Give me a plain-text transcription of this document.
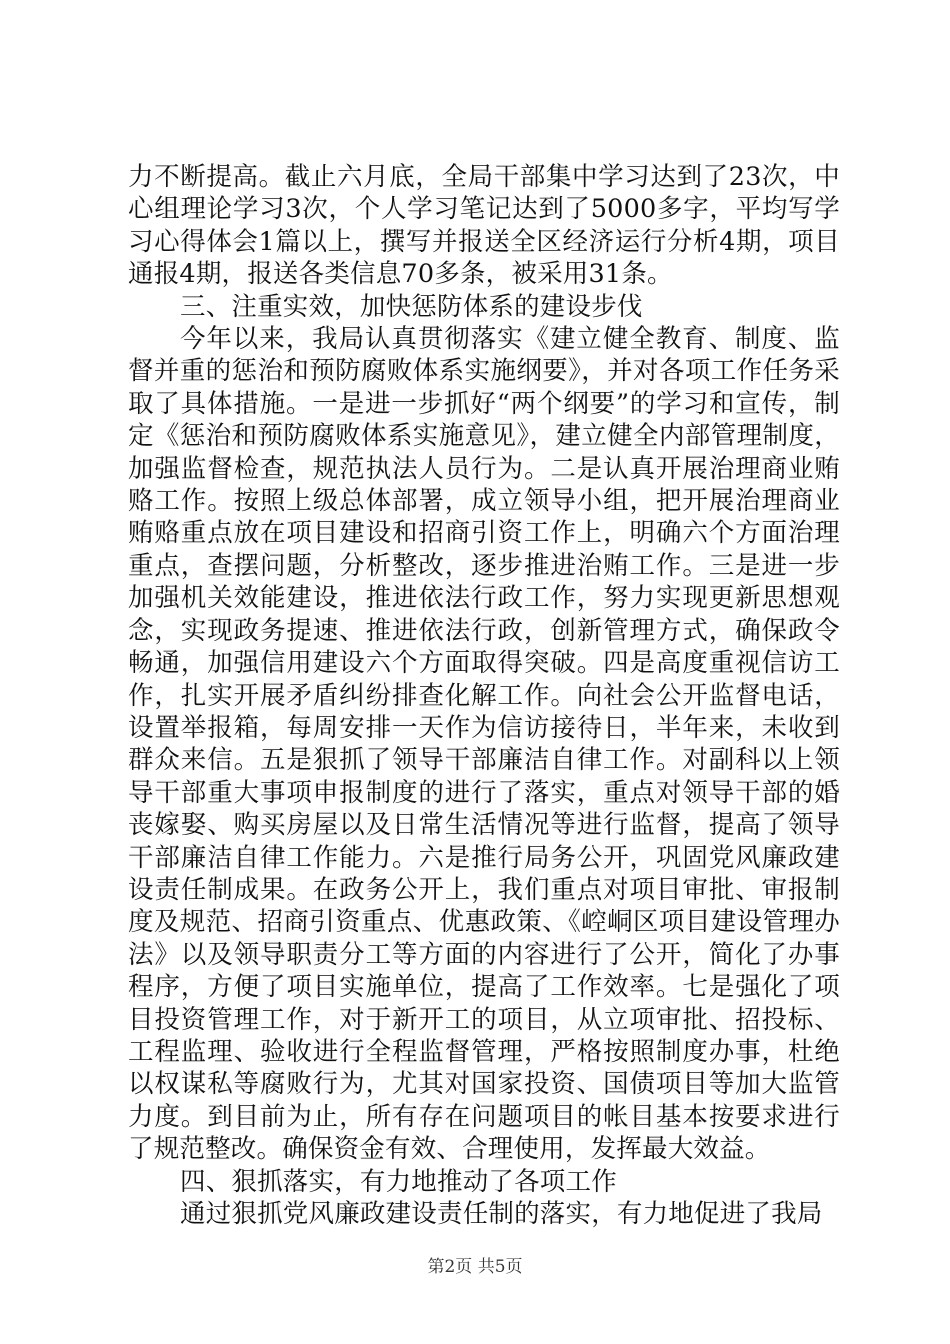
力不断提高。截止六月底，全局干部集中学习达到了23次，中心组理论学习3次，个人学习笔记达到了5000多字，平均写学习心得体会1篇以上，撰写并报送全区经济运行分析4期，项目通报4期，报送各类信息70多条，被采用31条。

三、注重实效，加快惩防体系的建设步伐

今年以来，我局认真贯彻落实《建立健全教育、制度、监督并重的惩治和预防腐败体系实施纲要》，并对各项工作任务采取了具体措施。一是进一步抓好“两个纲要”的学习和宣传，制定《惩治和预防腐败体系实施意见》，建立健全内部管理制度，加强监督检查，规范执法人员行为。二是认真开展治理商业贿赂工作。按照上级总体部署，成立领导小组，把开展治理商业贿赂重点放在项目建设和招商引资工作上，明确六个方面治理重点，查摆问题，分析整改，逐步推进治贿工作。三是进一步加强机关效能建设，推进依法行政工作，努力实现更新思想观念，实现政务提速、推进依法行政，创新管理方式，确保政令畅通，加强信用建设六个方面取得突破。四是高度重视信访工作，扎实开展矛盾纠纷排查化解工作。向社会公开监督电话，设置举报箱，每周安排一天作为信访接待日，半年来，未收到群众来信。五是狠抓了领导干部廉洁自律工作。对副科以上领导干部重大事项申报制度的进行了落实，重点对领导干部的婚丧嫁娶、购买房屋以及日常生活情况等进行监督，提高了领导干部廉洁自律工作能力。六是推行局务公开，巩固党风廉政建设责任制成果。在政务公开上，我们重点对项目审批、审报制度及规范、招商引资重点、优惠政策、《崆峒区项目建设管理办法》以及领导职责分工等方面的内容进行了公开，简化了办事程序，方便了项目实施单位，提高了工作效率。七是强化了项目投资管理工作，对于新开工的项目，从立项审批、招投标、工程监理、验收进行全程监督管理，严格按照制度办事，杜绝以权谋私等腐败行为，尤其对国家投资、国债项目等加大监管力度。到目前为止，所有存在问题项目的帐目基本按要求进行了规范整改。确保资金有效、合理使用，发挥最大效益。

四、狠抓落实，有力地推动了各项工作

通过狠抓党风廉政建设责任制的落实，有力地促进了我局

第2页 共5页
